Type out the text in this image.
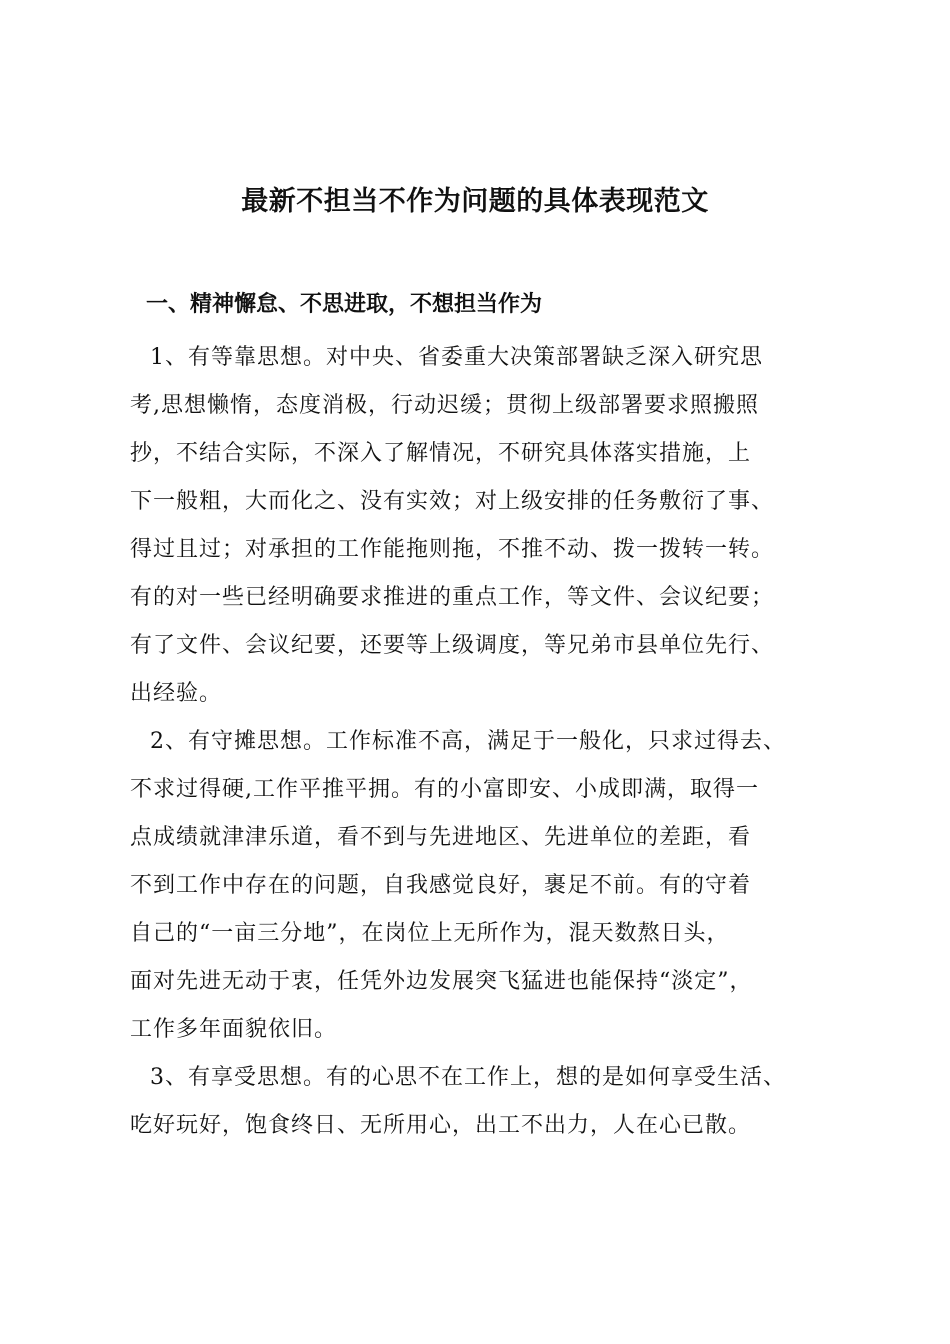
最新不担当不作为问题的具体表现范文
一、精神懈怠、不思进取，不想担当作为
1、有等靠思想。对中央、省委重大决策部署缺乏深入研究思
考,思想懒惰，态度消极，行动迟缓；贯彻上级部署要求照搬照
抄，不结合实际，不深入了解情况，不研究具体落实措施，上
下一般粗，大而化之、没有实效；对上级安排的任务敷衍了事、
得过且过；对承担的工作能拖则拖，不推不动、拨一拨转一转。
有的对一些已经明确要求推进的重点工作，等文件、会议纪要；
有了文件、会议纪要，还要等上级调度，等兄弟市县单位先行、
出经验。
2、有守摊思想。工作标准不高，满足于一般化，只求过得去、
不求过得硬,工作平推平拥。有的小富即安、小成即满，取得一
点成绩就津津乐道，看不到与先进地区、先进单位的差距，看
不到工作中存在的问题，自我感觉良好，裹足不前。有的守着
自己的“一亩三分地”，在岗位上无所作为，混天数熬日头，
面对先进无动于衷，任凭外边发展突飞猛进也能保持“淡定”，
工作多年面貌依旧。
3、有享受思想。有的心思不在工作上，想的是如何享受生活、
吃好玩好，饱食终日、无所用心，出工不出力，人在心已散。
